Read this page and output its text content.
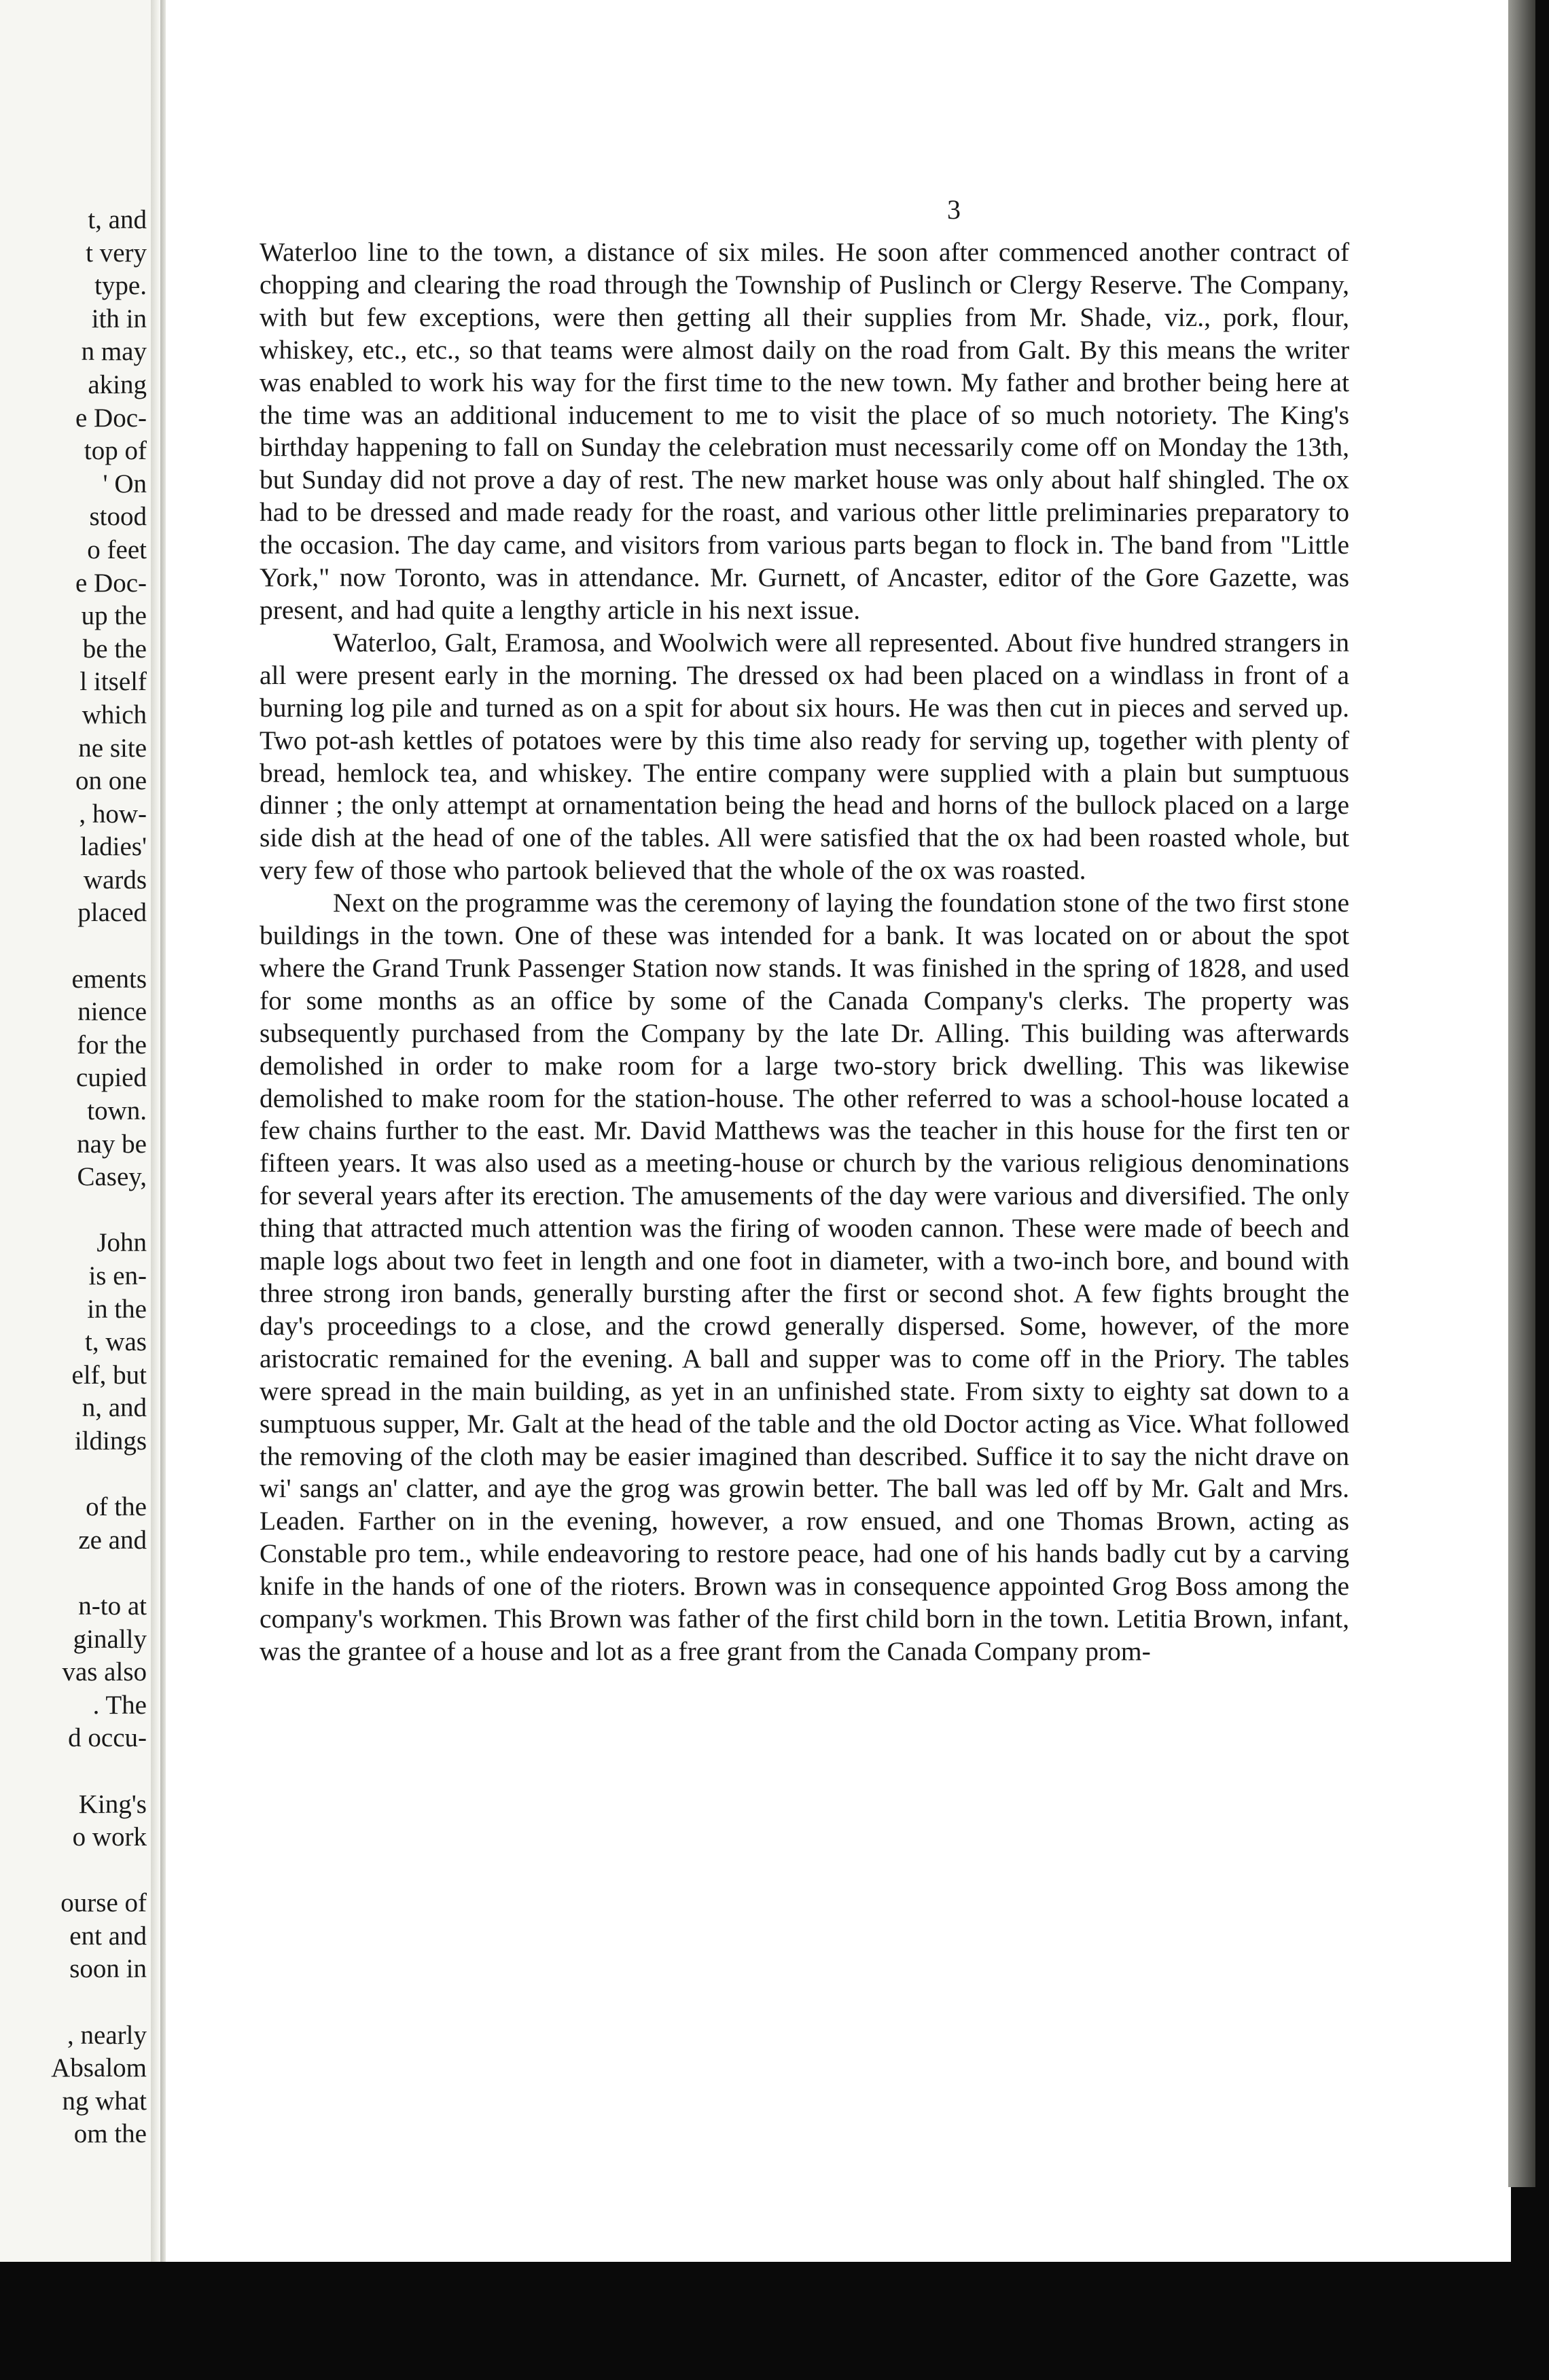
t, and
t very
type.
ith in
n may
aking
e Doc-
top of
' On
stood
o feet
e Doc-
up the
be the
l itself
which
ne site
on one
, how-
ladies'
wards
placed
ements
nience
for the
cupied
town.
nay be
Casey,
John
is en-
in the
t, was
elf, but
n, and
ildings
of the
ze and
n-to at
ginally
vas also
. The
d occu-
King's
o work
ourse of
ent and
soon in
, nearly
Absalom
ng what
om the
3

Waterloo line to the town, a distance of six miles. He soon after commenced another contract of chopping and clearing the road through the Township of Puslinch or Clergy Reserve. The Company, with but few exceptions, were then getting all their supplies from Mr. Shade, viz., pork, flour, whiskey, etc., etc., so that teams were almost daily on the road from Galt. By this means the writer was enabled to work his way for the first time to the new town. My father and brother being here at the time was an additional inducement to me to visit the place of so much notoriety. The King's birthday happening to fall on Sunday the celebration must necessarily come off on Monday the 13th, but Sunday did not prove a day of rest. The new market house was only about half shingled. The ox had to be dressed and made ready for the roast, and various other little preliminaries preparatory to the occasion. The day came, and visitors from various parts began to flock in. The band from "Little York," now Toronto, was in attendance. Mr. Gurnett, of Ancaster, editor of the Gore Gazette, was present, and had quite a lengthy article in his next issue.

Waterloo, Galt, Eramosa, and Woolwich were all represented. About five hundred strangers in all were present early in the morning. The dressed ox had been placed on a windlass in front of a burning log pile and turned as on a spit for about six hours. He was then cut in pieces and served up. Two pot-ash kettles of potatoes were by this time also ready for serving up, together with plenty of bread, hemlock tea, and whiskey. The entire company were supplied with a plain but sumptuous dinner ; the only attempt at ornamentation being the head and horns of the bullock placed on a large side dish at the head of one of the tables. All were satisfied that the ox had been roasted whole, but very few of those who partook believed that the whole of the ox was roasted.

Next on the programme was the ceremony of laying the foundation stone of the two first stone buildings in the town. One of these was intended for a bank. It was located on or about the spot where the Grand Trunk Passenger Station now stands. It was finished in the spring of 1828, and used for some months as an office by some of the Canada Company's clerks. The property was subsequently purchased from the Company by the late Dr. Alling. This building was afterwards demolished in order to make room for a large two-story brick dwelling. This was likewise demolished to make room for the station-house. The other referred to was a school-house located a few chains further to the east. Mr. David Matthews was the teacher in this house for the first ten or fifteen years. It was also used as a meeting-house or church by the various religious denominations for several years after its erection. The amusements of the day were various and diversified. The only thing that attracted much attention was the firing of wooden cannon. These were made of beech and maple logs about two feet in length and one foot in diameter, with a two-inch bore, and bound with three strong iron bands, generally bursting after the first or second shot. A few fights brought the day's proceedings to a close, and the crowd generally dispersed. Some, however, of the more aristocratic remained for the evening. A ball and supper was to come off in the Priory. The tables were spread in the main building, as yet in an unfinished state. From sixty to eighty sat down to a sumptuous supper, Mr. Galt at the head of the table and the old Doctor acting as Vice. What followed the removing of the cloth may be easier imagined than described. Suffice it to say the nicht drave on wi' sangs an' clatter, and aye the grog was growin better. The ball was led off by Mr. Galt and Mrs. Leaden. Farther on in the evening, however, a row ensued, and one Thomas Brown, acting as Constable pro tem., while endeavoring to restore peace, had one of his hands badly cut by a carving knife in the hands of one of the rioters. Brown was in consequence appointed Grog Boss among the company's workmen. This Brown was father of the first child born in the town. Letitia Brown, infant, was the grantee of a house and lot as a free grant from the Canada Company prom-
